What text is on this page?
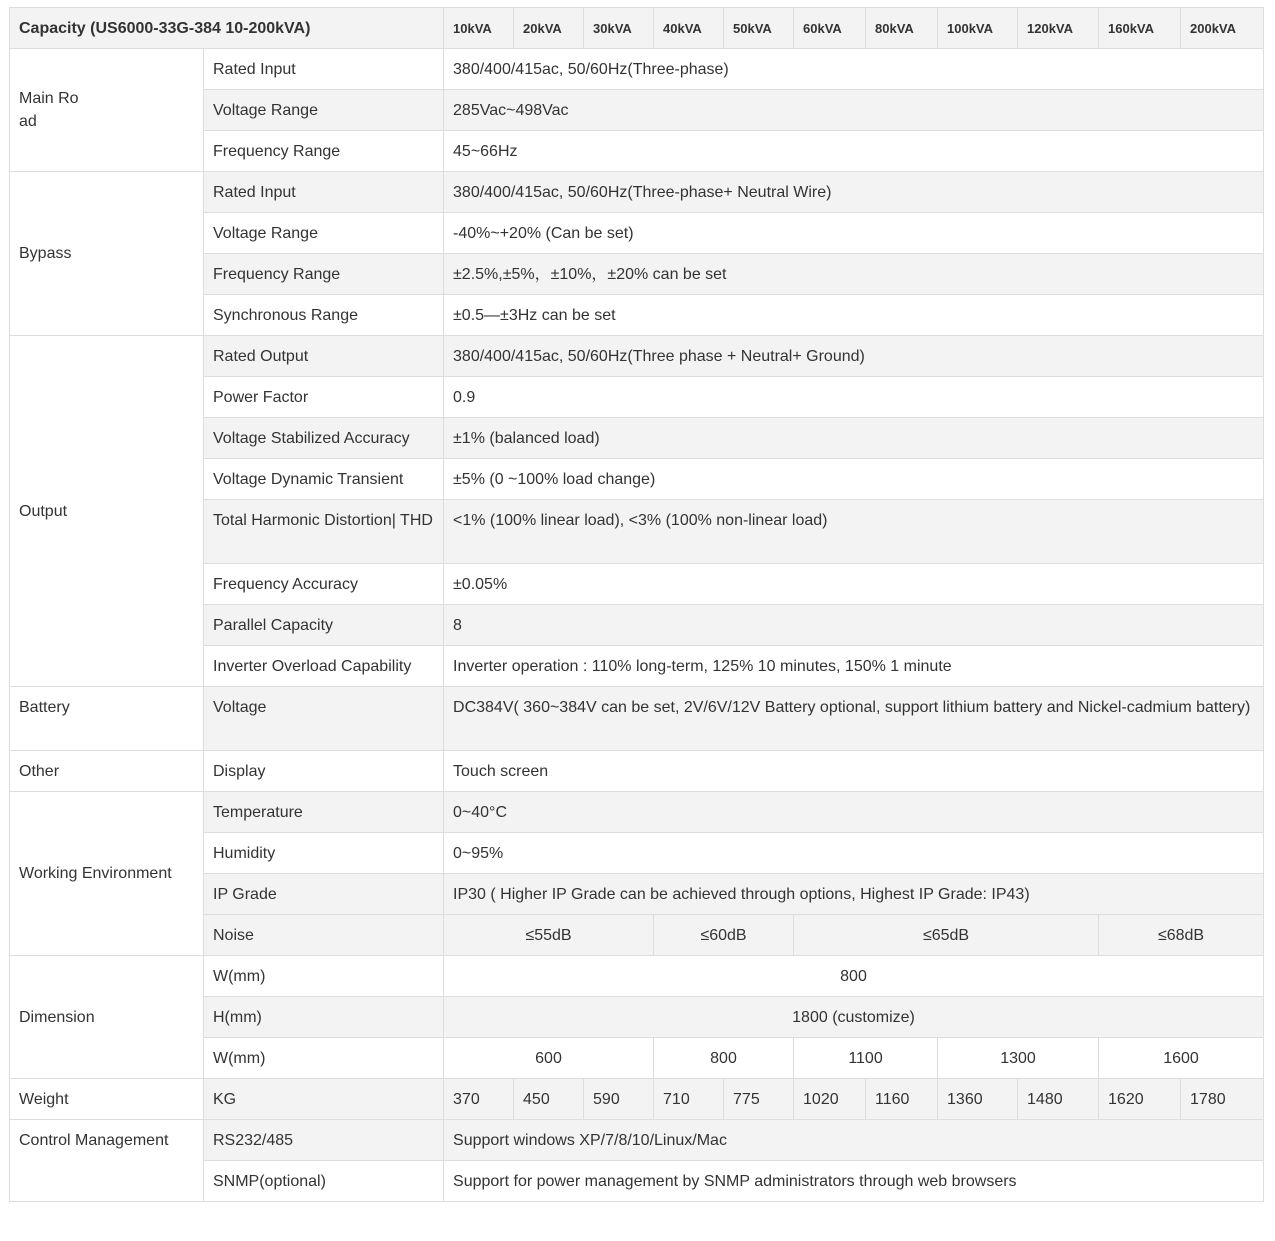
Capacity (US6000-33G-384 10-200kVA)		10kVA	20kVA	30kVA	40kVA	50kVA	60kVA	80kVA	100kVA	120kVA	160kVA	200kVA
Main Road	Rated Input	380/400/415ac, 50/60Hz(Three-phase)										
	Voltage Range	285Vac~498Vac										
	Frequency Range	45~66Hz										
Bypass	Rated Input	380/400/415ac, 50/60Hz(Three-phase+ Neutral Wire)										
	Voltage Range	-40%~+20% (Can be set)										
	Frequency Range	±2.5%,±5%，±10%，±20% can be set										
	Synchronous Range	±0.5—±3Hz can be set										
Output	Rated Output	380/400/415ac, 50/60Hz(Three phase + Neutral+ Ground)										
	Power Factor	0.9										
	Voltage Stabilized Accuracy	±1% (balanced load)										
	Voltage Dynamic Transient	±5% (0 ~100% load change)										
	Total Harmonic Distortion| THD	<1% (100% linear load), <3% (100% non-linear load)										
	Frequency Accuracy	±0.05%										
	Parallel Capacity	8										
	Inverter Overload Capability	Inverter operation : 110% long-term, 125% 10 minutes, 150% 1 minute										
Battery	Voltage	DC384V( 360~384V can be set, 2V/6V/12V Battery optional, support lithium battery and Nickel-cadmium battery)										
Other	Display	Touch screen										
Working Environment	Temperature	0~40°C										
	Humidity	0~95%										
	IP Grade	IP30 ( Higher IP Grade can be achieved through options, Highest IP Grade: IP43)										
	Noise	≤55dB			≤60dB		≤65dB				≤68dB	
Dimension	W(mm)	800										
	H(mm)	1800 (customize)										
	W(mm)	600			800		1100		1300		1600	
Weight	KG	370	450	590	710	775	1020	1160	1360	1480	1620	1780
Control Management	RS232/485	Support windows XP/7/8/10/Linux/Mac										
	SNMP(optional)	Support for power management by SNMP administrators through web browsers										
